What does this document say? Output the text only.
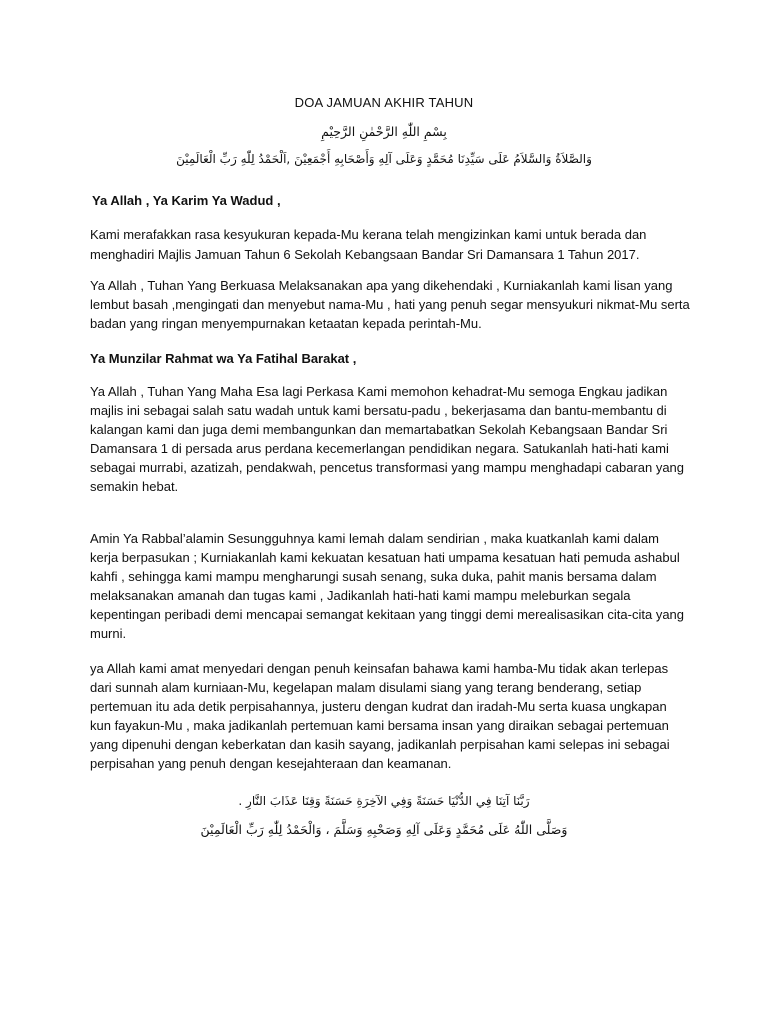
DOA JAMUAN AKHIR TAHUN
بِسْمِ اللّٰهِ الرَّحْمٰنِ الرَّحِيْمِ
وَالصَّلاَةُ وَالسَّلاَمُ عَلَى سَيِّدِنَا مُحَمَّدٍ وَعَلَى آلِهِ وَأَصْحَابِهِ أَجْمَعِيْنَ ,اَلْحَمْدُ لِلّٰهِ رَبِّ الْعَالَمِيْنَ

Ya Allah , Ya Karim Ya Wadud ,

Kami merafakkan rasa kesyukuran kepada-Mu kerana telah mengizinkan kami untuk berada dan menghadiri Majlis Jamuan Tahun 6 Sekolah Kebangsaan Bandar Sri Damansara 1 Tahun 2017.

Ya Allah , Tuhan Yang Berkuasa Melaksanakan apa yang dikehendaki , Kurniakanlah kami lisan yang lembut basah ,mengingati dan menyebut nama-Mu , hati yang penuh segar mensyukuri nikmat-Mu serta badan yang ringan menyempurnakan ketaatan kepada perintah-Mu.

Ya Munzilar Rahmat wa Ya Fatihal Barakat ,

Ya Allah , Tuhan Yang Maha Esa lagi Perkasa Kami memohon kehadrat-Mu semoga Engkau jadikan majlis ini sebagai salah satu wadah untuk kami bersatu-padu , bekerjasama dan bantu-membantu di kalangan kami dan juga demi membangunkan dan memartabatkan Sekolah Kebangsaan Bandar Sri Damansara 1 di persada arus perdana kecemerlangan pendidikan negara. Satukanlah hati-hati kami sebagai murrabi, azatizah, pendakwah, pencetus transformasi yang mampu menghadapi cabaran yang semakin hebat.

Amin Ya Rabbal’alamin Sesungguhnya kami lemah dalam sendirian , maka kuatkanlah kami dalam kerja berpasukan ; Kurniakanlah kami kekuatan kesatuan hati umpama kesatuan hati pemuda ashabul kahfi , sehingga kami mampu mengharungi susah senang, suka duka, pahit manis bersama dalam melaksanakan amanah dan tugas kami , Jadikanlah hati-hati kami mampu meleburkan segala kepentingan peribadi demi mencapai semangat kekitaan yang tinggi demi merealisasikan cita-cita yang murni.

ya Allah kami amat menyedari dengan penuh keinsafan bahawa kami hamba-Mu tidak akan terlepas dari sunnah alam kurniaan-Mu, kegelapan malam disulami siang yang terang benderang, setiap pertemuan itu ada detik perpisahannya, justeru dengan kudrat dan iradah-Mu serta kuasa ungkapan kun fayakun-Mu , maka jadikanlah pertemuan kami bersama insan yang diraikan sebagai pertemuan yang dipenuhi dengan keberkatan dan kasih sayang, jadikanlah perpisahan kami selepas ini sebagai perpisahan yang penuh dengan kesejahteraan dan keamanan.

رَبَّنَا آتِنَا فِي الدُّنْيَا حَسَنَةً وَفِي الآخِرَةِ حَسَنَةً وَقِنَا عَذَابَ النَّارِ .
وَصَلَّى اللّٰهُ عَلَى مُحَمَّدٍ وَعَلَى آلِهِ وَصَحْبِهِ وَسَلَّمَ ، وَالْحَمْدُ لِلّٰهِ رَبِّ الْعَالَمِيْنَ
